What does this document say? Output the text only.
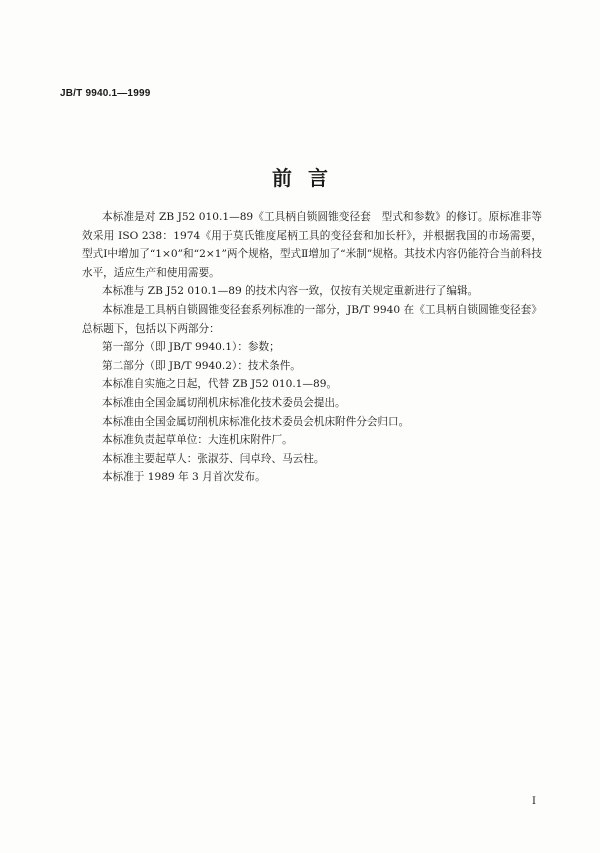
JB/T 9940.1—1999
前言

本标准是对 ZB J52 010.1—89《工具柄自锁圆锥变径套　型式和参数》的修订。原标准非等效采用 ISO 238：1974《用于莫氏锥度尾柄工具的变径套和加长杆》，并根据我国的市场需要，型式Ⅰ中增加了“1×0”和“2×1”两个规格，型式Ⅱ增加了“米制”规格。其技术内容仍能符合当前科技水平，适应生产和使用需要。

本标准与 ZB J52 010.1—89 的技术内容一致，仅按有关规定重新进行了编辑。

本标准是工具柄自锁圆锥变径套系列标准的一部分，JB/T 9940 在《工具柄自锁圆锥变径套》总标题下，包括以下两部分：

第一部分（即 JB/T 9940.1）：参数；

第二部分（即 JB/T 9940.2）：技术条件。

本标准自实施之日起，代替 ZB J52 010.1—89。

本标准由全国金属切削机床标准化技术委员会提出。

本标准由全国金属切削机床标准化技术委员会机床附件分会归口。

本标准负责起草单位：大连机床附件厂。

本标准主要起草人：张淑芬、闫卓玲、马云柱。

本标准于 1989 年 3 月首次发布。

I
